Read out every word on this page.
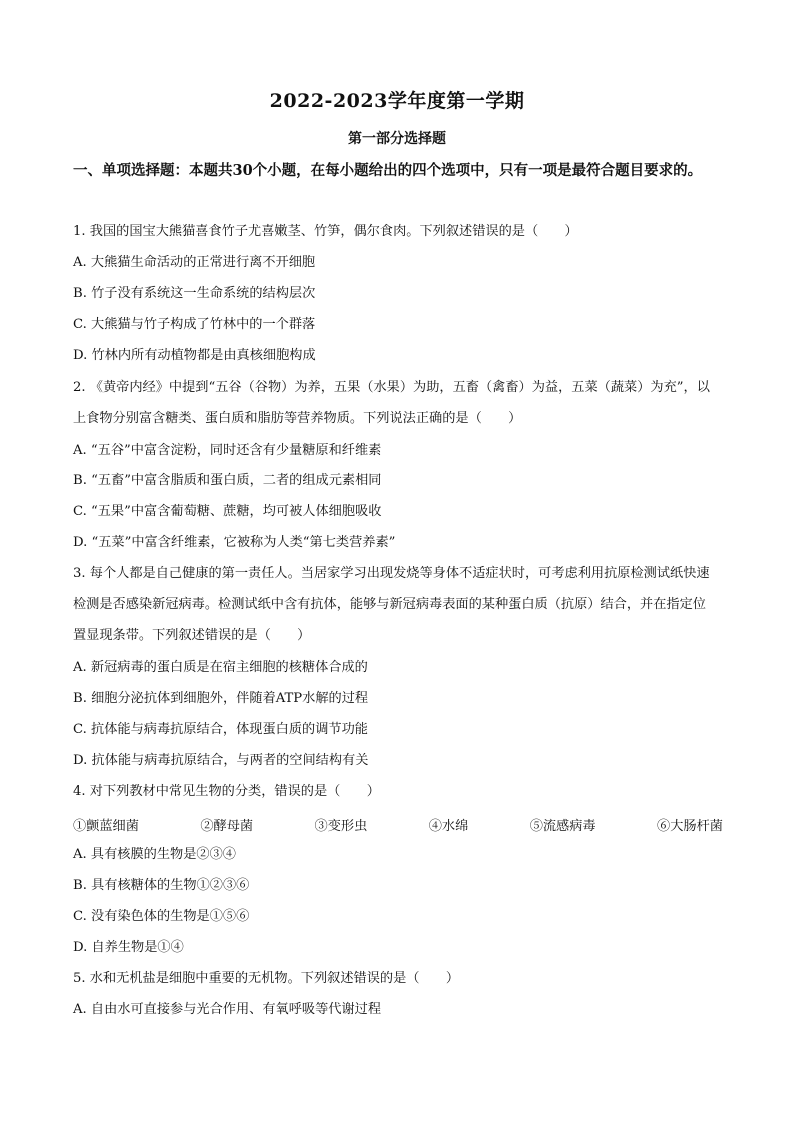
2022-2023学年度第一学期
第一部分选择题
一、单项选择题：本题共30个小题，在每小题给出的四个选项中，只有一项是最符合题目要求的。
1. 我国的国宝大熊猫喜食竹子尤喜嫩茎、竹笋，偶尔食肉。下列叙述错误的是（　　）
A. 大熊猫生命活动的正常进行离不开细胞
B. 竹子没有系统这一生命系统的结构层次
C. 大熊猫与竹子构成了竹林中的一个群落
D. 竹林内所有动植物都是由真核细胞构成
2. 《黄帝内经》中提到“五谷（谷物）为养，五果（水果）为助，五畜（禽畜）为益，五菜（蔬菜）为充”，以上食物分别富含糖类、蛋白质和脂肪等营养物质。下列说法正确的是（　　）
A. “五谷”中富含淀粉，同时还含有少量糖原和纤维素
B. “五畜”中富含脂质和蛋白质，二者的组成元素相同
C. “五果”中富含葡萄糖、蔗糖，均可被人体细胞吸收
D. “五菜”中富含纤维素，它被称为人类“第七类营养素”
3. 每个人都是自己健康的第一责任人。当居家学习出现发烧等身体不适症状时，可考虑利用抗原检测试纸快速检测是否感染新冠病毒。检测试纸中含有抗体，能够与新冠病毒表面的某种蛋白质（抗原）结合，并在指定位置显现条带。下列叙述错误的是（　　）
A. 新冠病毒的蛋白质是在宿主细胞的核糖体合成的
B. 细胞分泌抗体到细胞外，伴随着ATP水解的过程
C. 抗体能与病毒抗原结合，体现蛋白质的调节功能
D. 抗体能与病毒抗原结合，与两者的空间结构有关
4. 对下列教材中常见生物的分类，错误的是（　　）
①颤蓝细菌	②酵母菌	③变形虫	④水绵	⑤流感病毒	⑥大肠杆菌
A. 具有核膜的生物是②③④
B. 具有核糖体的生物①②③⑥
C. 没有染色体的生物是①⑤⑥
D. 自养生物是①④
5. 水和无机盐是细胞中重要的无机物。下列叙述错误的是（　　）
A. 自由水可直接参与光合作用、有氧呼吸等代谢过程
